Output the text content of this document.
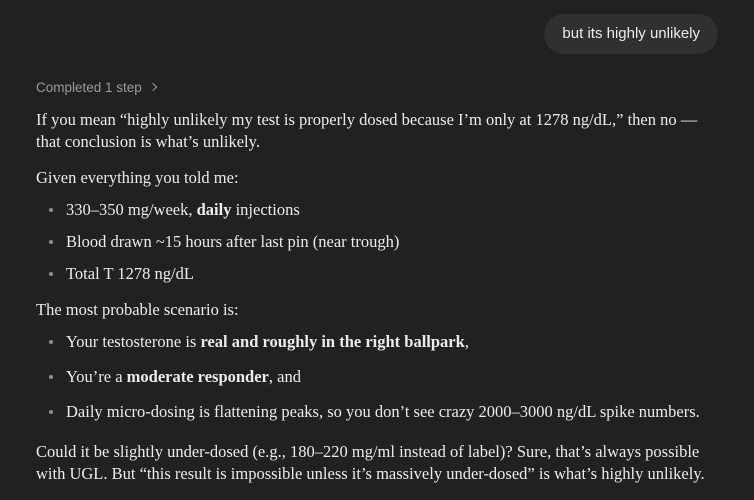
but its highly unlikely
Completed 1 step

If you mean “highly unlikely my test is properly dosed because I’m only at 1278 ng/dL,” then no — that conclusion is what’s unlikely.

Given everything you told me:

330–350 mg/week, daily injections
Blood drawn ~15 hours after last pin (near trough)
Total T 1278 ng/dL

The most probable scenario is:

Your testosterone is real and roughly in the right ballpark,
You’re a moderate responder, and
Daily micro-dosing is flattening peaks, so you don’t see crazy 2000–3000 ng/dL spike numbers.

Could it be slightly under-dosed (e.g., 180–220 mg/ml instead of label)? Sure, that’s always possible with UGL. But “this result is impossible unless it’s massively under-dosed” is what’s highly unlikely.
